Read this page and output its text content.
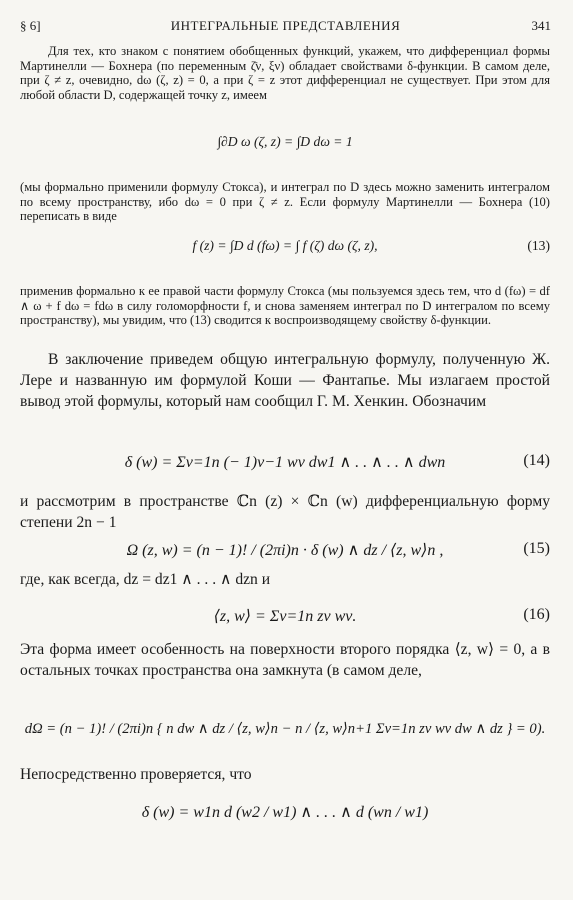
§ 6]	ИНТЕГРАЛЬНЫЕ ПРЕДСТАВЛЕНИЯ	341

Для тех, кто знаком с понятием обобщенных функций, укажем, что дифференциал формы Мартинелли — Бохнера (по переменным ζ̄ν, ξν) обладает свойствами δ-функции. В самом деле, при ζ ≠ z, очевидно, dω (ζ, z) = 0, а при ζ = z этот дифференциал не существует. При этом для любой области D, содержащей точку z, имеем

∫∂D ω (ζ, z) = ∫D dω = 1

(мы формально применили формулу Стокса), и интеграл по D здесь можно заменить интегралом по всему пространству, ибо dω = 0 при ζ ≠ z. Если формулу Мартинелли — Бохнера (10) переписать в виде

f (z) = ∫D d (fω) = ∫ f (ζ) dω (ζ, z),	(13)

применив формально к ее правой части формулу Стокса (мы пользуемся здесь тем, что d (fω) = df ∧ ω + f dω = fdω в силу голоморфности f, и снова заменяем интеграл по D интегралом по всему пространству), мы увидим, что (13) сводится к воспроизводящему свойству δ-функции.

В заключение приведем общую интегральную формулу, полученную Ж. Лере и названную им формулой Коши — Фантапье. Мы излагаем простой вывод этой формулы, который нам сообщил Г. М. Хенкин. Обозначим

δ (w) = Σν=1n (− 1)ν−1 wν dw1 ∧ . . ∧ . . ∧ dwn	(14)

и рассмотрим в пространстве ℂn (z) × ℂn (w) дифференциальную форму степени 2n − 1

Ω (z, w) = (n − 1)! / (2πi)n · δ (w) ∧ dz / ⟨z, w⟩n ,	(15)

где, как всегда, dz = dz1 ∧ . . . ∧ dzn и

⟨z, w⟩ = Σν=1n zν wν.	(16)

Эта форма имеет особенность на поверхности второго порядка ⟨z, w⟩ = 0, а в остальных точках пространства она замкнута (в самом деле,

dΩ = (n − 1)! / (2πi)n { n dw ∧ dz / ⟨z, w⟩n − n / ⟨z, w⟩n+1 Σν=1n zν wν dw ∧ dz } = 0).

Непосредственно проверяется, что

δ (w) = w1n d (w2 / w1) ∧ . . . ∧ d (wn / w1)
